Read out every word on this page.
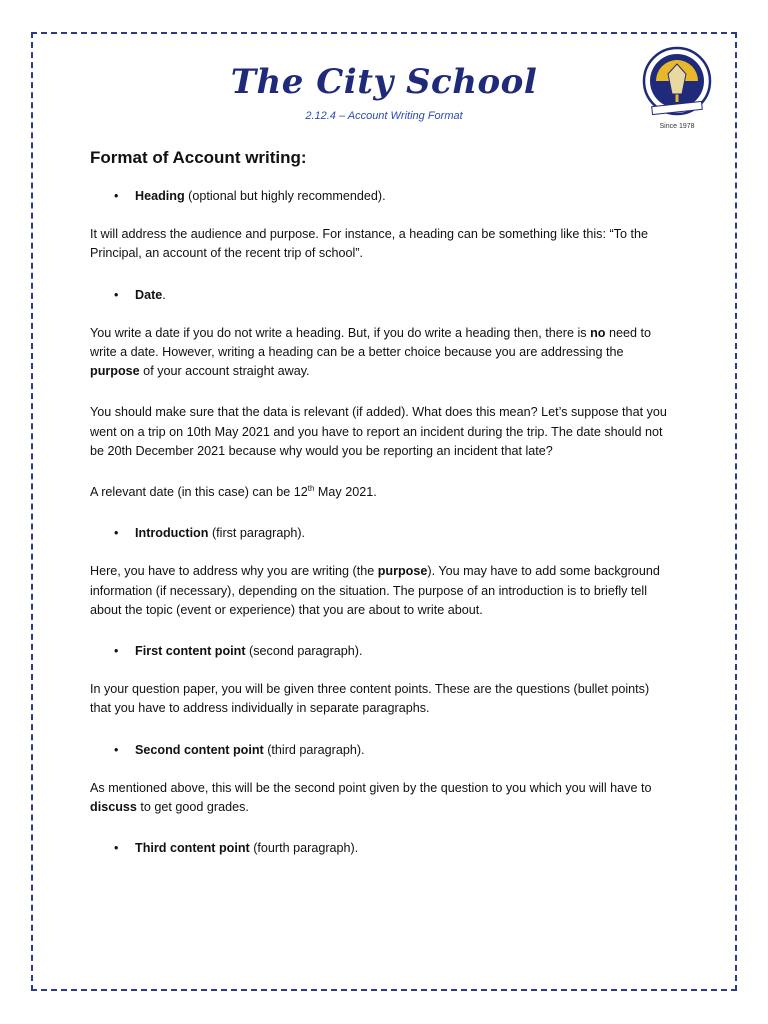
The City School
2.12.4 – Account Writing Format
Since 1978
Format of Account writing:
• Heading (optional but highly recommended).

It will address the audience and purpose. For instance, a heading can be something like this: “To the Principal, an account of the recent trip of school”.

• Date.

You write a date if you do not write a heading. But, if you do write a heading then, there is no need to write a date. However, writing a heading can be a better choice because you are addressing the purpose of your account straight away.

You should make sure that the data is relevant (if added). What does this mean? Let’s suppose that you went on a trip on 10th May 2021 and you have to report an incident during the trip. The date should not be 20th December 2021 because why would you be reporting an incident that late?

A relevant date (in this case) can be 12th May 2021.

• Introduction (first paragraph).

Here, you have to address why you are writing (the purpose). You may have to add some background information (if necessary), depending on the situation. The purpose of an introduction is to briefly tell about the topic (event or experience) that you are about to write about.

• First content point (second paragraph).

In your question paper, you will be given three content points. These are the questions (bullet points) that you have to address individually in separate paragraphs.

• Second content point (third paragraph).

As mentioned above, this will be the second point given by the question to you which you will have to discuss to get good grades.

• Third content point (fourth paragraph).
